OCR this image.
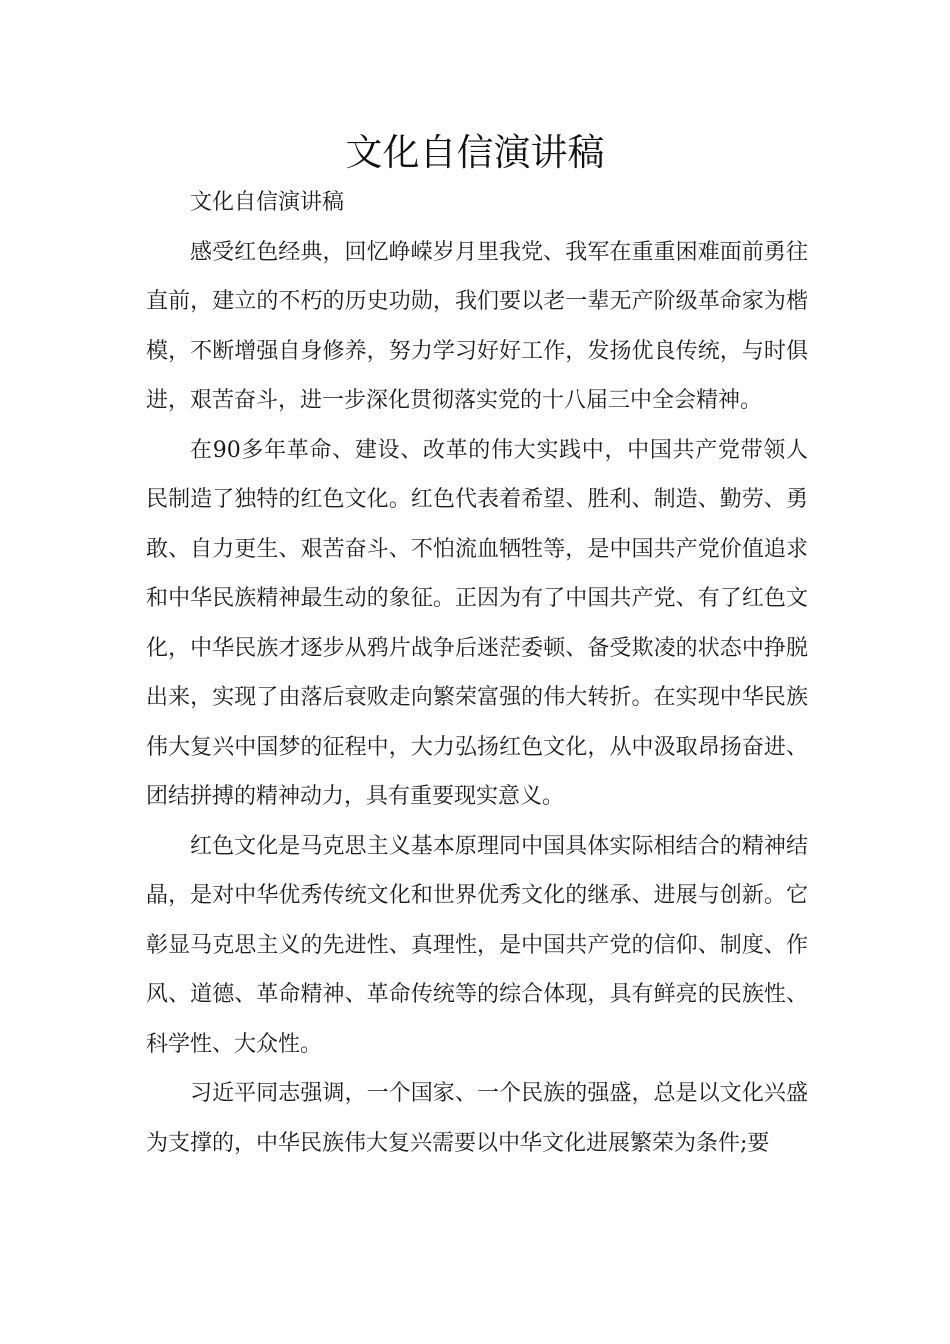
文化自信演讲稿

文化自信演讲稿

感受红色经典，回忆峥嵘岁月里我党、我军在重重困难面前勇往直前，建立的不朽的历史功勋，我们要以老一辈无产阶级革命家为楷模，不断增强自身修养，努力学习好好工作，发扬优良传统，与时俱进，艰苦奋斗，进一步深化贯彻落实党的十八届三中全会精神。

在90多年革命、建设、改革的伟大实践中，中国共产党带领人民制造了独特的红色文化。红色代表着希望、胜利、制造、勤劳、勇敢、自力更生、艰苦奋斗、不怕流血牺牲等，是中国共产党价值追求和中华民族精神最生动的象征。正因为有了中国共产党、有了红色文化，中华民族才逐步从鸦片战争后迷茫委顿、备受欺凌的状态中挣脱出来，实现了由落后衰败走向繁荣富强的伟大转折。在实现中华民族伟大复兴中国梦的征程中，大力弘扬红色文化，从中汲取昂扬奋进、团结拼搏的精神动力，具有重要现实意义。

红色文化是马克思主义基本原理同中国具体实际相结合的精神结晶，是对中华优秀传统文化和世界优秀文化的继承、进展与创新。它彰显马克思主义的先进性、真理性，是中国共产党的信仰、制度、作风、道德、革命精神、革命传统等的综合体现，具有鲜亮的民族性、科学性、大众性。

习近平同志强调，一个国家、一个民族的强盛，总是以文化兴盛为支撑的，中华民族伟大复兴需要以中华文化进展繁荣为条件;要
